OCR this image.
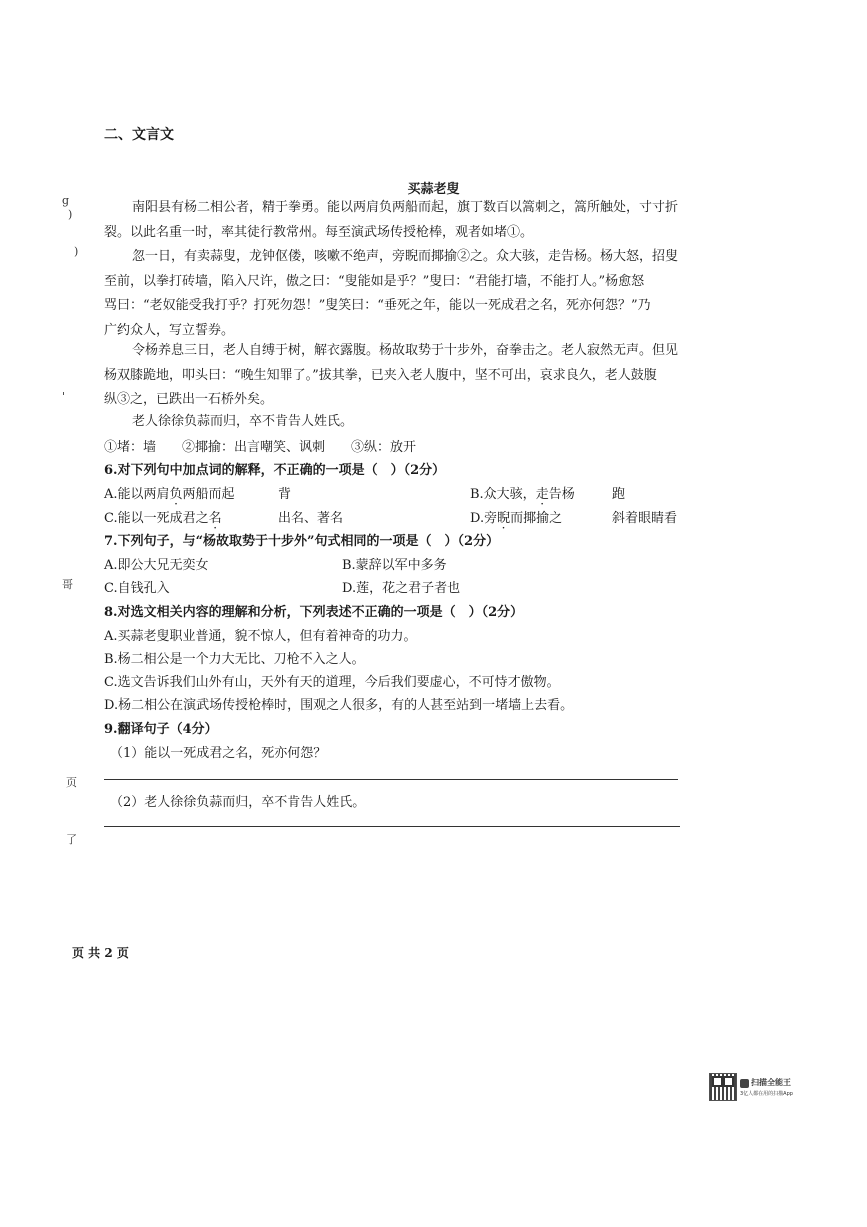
二、文言文
买蒜老叟
g
)
)
'
哥
页
了
南阳县有杨二相公者，精于拳勇。能以两肩负两船而起，旗丁数百以篙刺之，篙所触处，寸寸折
裂。以此名重一时，率其徒行教常州。每至演武场传授枪棒，观者如堵①。
忽一日，有卖蒜叟，龙钟伛偻，咳嗽不绝声，旁睨而揶揄②之。众大骇，走告杨。杨大怒，招叟
至前，以拳打砖墙，陷入尺许，傲之曰：“叟能如是乎？”叟曰：“君能打墙，不能打人。”杨愈怒
骂曰：“老奴能受我打乎？打死勿怨！”叟笑曰：“垂死之年，能以一死成君之名，死亦何怨？”乃
广约众人，写立誓券。
令杨养息三日，老人自缚于树，解衣露腹。杨故取势于十步外，奋拳击之。老人寂然无声。但见
杨双膝跪地，叩头曰：“晚生知罪了。”拔其拳，已夹入老人腹中，坚不可出，哀求良久，老人鼓腹
纵③之，已跌出一石桥外矣。
老人徐徐负蒜而归，卒不肯告人姓氏。
①堵：墙　　②揶揄：出言嘲笑、讽刺　　③纵：放开
6.对下列句中加点词的解释，不正确的一项是（　）（2分）
A.能以两肩负两船而起	背	B.众大骇，走告杨	跑
C.能以一死成君之名	出名、著名	D.旁睨而揶揄之	斜着眼睛看
7.下列句子，与“杨故取势于十步外”句式相同的一项是（　）（2分）
A.即公大兄无奕女	B.蒙辞以军中多务
C.自钱孔入	D.莲，花之君子者也
8.对选文相关内容的理解和分析，下列表述不正确的一项是（　）（2分）
A.买蒜老叟职业普通，貌不惊人，但有着神奇的功力。
B.杨二相公是一个力大无比、刀枪不入之人。
C.选文告诉我们山外有山，天外有天的道理，今后我们要虚心，不可恃才傲物。
D.杨二相公在演武场传授枪棒时，围观之人很多，有的人甚至站到一堵墙上去看。
9.翻译句子（4分）
（1）能以一死成君之名，死亦何怨？
（2）老人徐徐负蒜而归，卒不肯告人姓氏。
页 共 2 页
扫描全能王
3亿人都在用的扫描App
